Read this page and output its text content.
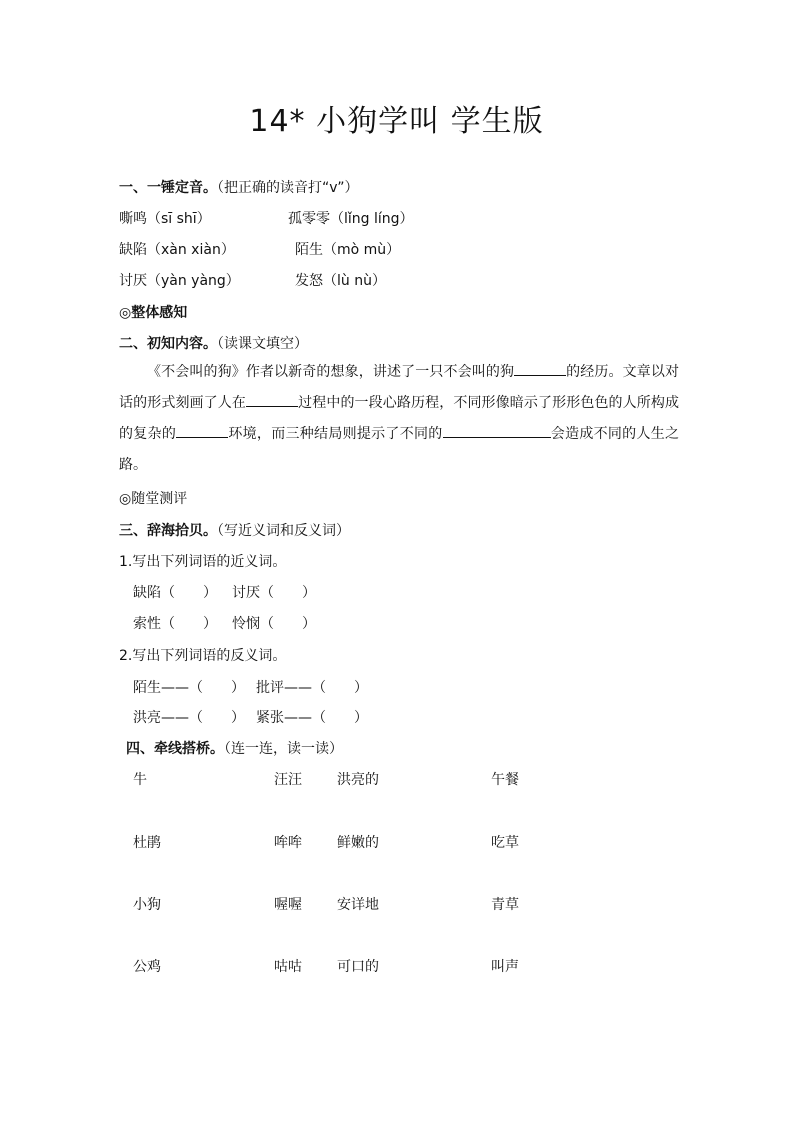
14* 小狗学叫 学生版
一、一锤定音。（把正确的读音打“v”）
嘶鸣（sī shī）	孤零零（lǐng líng）
缺陷（xàn xiàn）	陌生（mò mù）
讨厌（yàn yàng）	发怒（lù nù）
◎整体感知
二、初知内容。（读课文填空）
《不会叫的狗》作者以新奇的想象，讲述了一只不会叫的狗	的经历。文章以对话的形式刻画了人在	过程中的一段心路历程，不同形像暗示了形形色色的人所构成的复杂的	环境，而三种结局则提示了不同的	会造成不同的人生之路。
◎随堂测评
三、辞海拾贝。（写近义词和反义词）
1.写出下列词语的近义词。
缺陷（　　） 讨厌（　　）
索性（　　） 怜悯（　　）
2.写出下列词语的反义词。
陌生——（　　） 批评——（　　）
洪亮——（　　） 紧张——（　　）
四、牵线搭桥。（连一连，读一读）
牛	汪汪	洪亮的	午餐
杜鹃	哞哞	鲜嫩的	吃草
小狗	喔喔	安详地	青草
公鸡	咕咕	可口的	叫声
